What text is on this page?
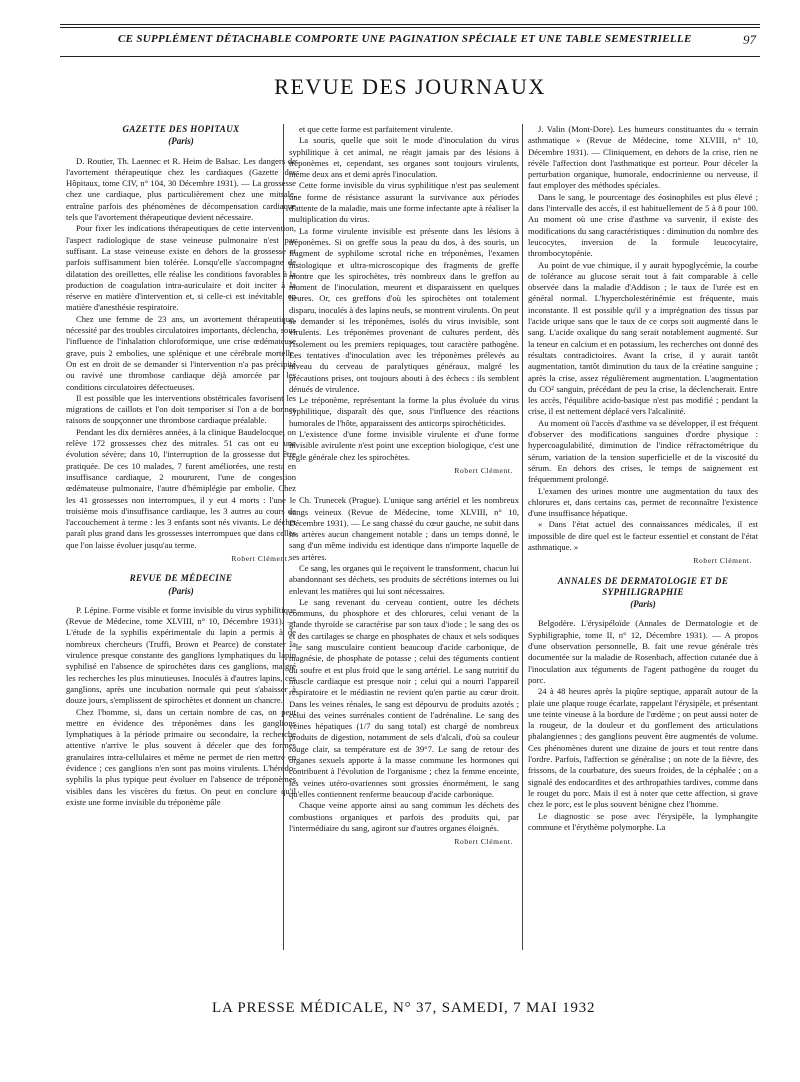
CE SUPPLÉMENT DÉTACHABLE COMPORTE UNE PAGINATION SPÉCIALE ET UNE TABLE SEMESTRIELLE	97
REVUE DES JOURNAUX

GAZETTE DES HOPITAUX

(Paris)

D. Routier, Th. Laennec et R. Heim de Balsac. Les dangers de l'avortement thérapeutique chez les cardiaques (Gazette des Hôpitaux, tome CIV, n° 104, 30 Décembre 1931). — La grossesse chez une cardiaque, plus particulièrement chez une mitrale, entraîne parfois des phénomènes de décompensation cardiaque tels que l'avortement thérapeutique devient nécessaire.

Pour fixer les indications thérapeutiques de cette intervention, l'aspect radiologique de stase veineuse pulmonaire n'est pas suffisant. La stase veineuse existe en dehors de la grossesse et parfois suffisamment bien tolérée. Lorsqu'elle s'accompagne de dilatation des oreillettes, elle réalise les conditions favorables à la production de coagulation intra-auriculaire et doit inciter à la réserve en matière d'intervention et, si celle-ci est inévitable, en matière d'anesthésie respiratoire.

Chez une femme de 23 ans, un avortement thérapeutique, nécessité par des troubles circulatoires importants, déclencha, sous l'influence de l'inhalation chloroformique, une crise œdémateuse grave, puis 2 embolies, une splénique et une cérébrale mortelle. On est en droit de se demander si l'intervention n'a pas précipité ou ravivé une thrombose cardiaque déjà amorcée par les conditions circulatoires défectueuses.

Il est possible que les interventions obstétricales favorisent les migrations de caillots et l'on doit temporiser si l'on a de bonnes raisons de soupçonner une thrombose cardiaque préalable.

Pendant les dix dernières années, à la clinique Baudelocque, on relève 172 grossesses chez des mitrales. 51 cas ont eu une évolution sévère; dans 10, l'interruption de la grossesse dut être pratiquée. De ces 10 malades, 7 furent améliorées, une resta en insuffisance cardiaque, 2 moururent, l'une de congestion œdémateuse pulmonaire, l'autre d'hémiplégie par embolie. Chez les 41 grossesses non interrompues, il y eut 4 morts : l'une le troisième mois d'insuffisance cardiaque, les 3 autres au cours de l'accouchement à terme : les 3 enfants sont nés vivants. Le déchet paraît plus grand dans les grossesses interrompues que dans celles que l'on laisse évoluer jusqu'au terme.

Robert Clément.

REVUE DE MÉDECINE

(Paris)

P. Lépine. Forme visible et forme invisible du virus syphilitique (Revue de Médecine, tome XLVIII, n° 10, Décembre 1931). — L'étude de la syphilis expérimentale du lapin a permis à de nombreux chercheurs (Truffi, Brown et Pearce) de constater la virulence presque constante des ganglions lymphatiques du lapin syphilisé en l'absence de spirochètes dans ces ganglions, malgré les recherches les plus minutieuses. Inoculés à d'autres lapins, ces ganglions, après une incubation normale qui peut s'abaisser à douze jours, s'emplissent de spirochètes et donnent un chancre.

Chez l'homme, si, dans un certain nombre de cas, on peut mettre en évidence des tréponèmes dans les ganglions lymphatiques à la période primaire ou secondaire, la recherche attentive n'arrive le plus souvent à déceler que des formes granulaires intra-cellulaires et même ne permet de rien mettre en évidence ; ces ganglions n'en sont pas moins virulents. L'hérédo-syphilis la plus typique peut évoluer en l'absence de tréponèmes visibles dans les viscères du fœtus. On peut en conclure qu'il existe une forme invisible du tréponème pâle

et que cette forme est parfaitement virulente.

La souris, quelle que soit le mode d'inoculation du virus syphilitique à cet animal, ne réagit jamais par des lésions à tréponèmes et, cependant, ses organes sont toujours virulents, même deux ans et demi après l'inoculation.

Cette forme invisible du virus syphilitique n'est pas seulement une forme de résistance assurant la survivance aux périodes d'attente de la maladie, mais une forme infectante apte à réaliser la multiplication du virus.

La forme virulente invisible est présente dans les lésions à tréponèmes. Si on greffe sous la peau du dos, à des souris, un fragment de syphilome scrotal riche en tréponèmes, l'examen histologique et ultra-microscopique des fragments de greffe montre que les spirochètes, très nombreux dans le greffon au moment de l'inoculation, meurent et disparaissent en quelques heures. Or, ces greffons d'où les spirochètes ont totalement disparu, inoculés à des lapins neufs, se montrent virulents. On peut se demander si les tréponèmes, isolés du virus invisible, sont virulents. Les tréponèmes provenant de cultures perdent, dès l'isolement ou les premiers repiquages, tout caractère pathogène. Les tentatives d'inoculation avec les tréponèmes prélevés au niveau du cerveau de paralytiques généraux, malgré les précautions prises, ont toujours abouti à des échecs : ils semblent dénués de virulence.

Le tréponème, représentant la forme la plus évoluée du virus syphilitique, disparaît dès que, sous l'influence des réactions humorales de l'hôte, apparaissent des anticorps spirochéticides.

L'existence d'une forme invisible virulente et d'une forme invisible avirulente n'est point une exception biologique, c'est une règle générale chez les spirochètes.

Robert Clément.

Ch. Trunecek (Prague). L'unique sang artériel et les nombreux sangs veineux (Revue de Médecine, tome XLVIII, n° 10, Décembre 1931). — Le sang chassé du cœur gauche, ne subit dans les artères aucun changement notable ; dans un temps donné, le sang d'un même individu est identique dans n'importe laquelle de ses artères.

Ce sang, les organes qui le reçoivent le transforment, chacun lui abandonnant ses déchets, ses produits de sécrétions internes ou lui enlevant les matières qui lui sont nécessaires.

Le sang revenant du cerveau contient, outre les déchets communs, du phosphore et des chlorures, celui venant de la glande thyroïde se caractérise par son taux d'iode ; le sang des os et des cartilages se charge en phosphates de chaux et sels sodiques ; le sang musculaire contient beaucoup d'acide carbonique, de magnésie, de phosphate de potasse ; celui des téguments contient du soufre et est plus froid que le sang artériel. Le sang nutritif du muscle cardiaque est presque noir ; celui qui a nourri l'appareil respiratoire et le médiastin ne revient qu'en partie au cœur droit. Dans les veines rénales, le sang est dépourvu de produits azotés ; celui des veines surrénales contient de l'adrénaline. Le sang des veines hépatiques (1/7 du sang total) est chargé de nombreux produits de digestion, notamment de sels d'alcali, d'où sa couleur rouge clair, sa température est de 39°7. Le sang de retour des organes sexuels apporte à la masse commune les hormones qui contribuent à l'évolution de l'organisme ; chez la femme enceinte, les veines utéro-ovariennes sont grossies énormément, le sang qu'elles contiennent renferme beaucoup d'acide carbonique.

Chaque veine apporte ainsi au sang commun les déchets des combustions organiques et parfois des produits qui, par l'intermédiaire du sang, agiront sur d'autres organes éloignés.

Robert Clément.

J. Valin (Mont-Dore). Les humeurs constituantes du « terrain asthmatique » (Revue de Médecine, tome XLVIII, n° 10, Décembre 1931). — Cliniquement, en dehors de la crise, rien ne révèle l'affection dont l'asthmatique est porteur. Pour déceler la perturbation organique, humorale, endocrinienne ou nerveuse, il faut employer des méthodes spéciales.

Dans le sang, le pourcentage des éosinophiles est plus élevé ; dans l'intervalle des accès, il est habituellement de 5 à 8 pour 100. Au moment où une crise d'asthme va survenir, il existe des modifications du sang caractéristiques : diminution du nombre des leucocytes, inversion de la formule leucocytaire, thrombocytopénie.

Au point de vue chimique, il y aurait hypoglycémie, la courbe de tolérance au glucose serait tout à fait comparable à celle observée dans la maladie d'Addison ; le taux de l'urée est en général normal. L'hypercholestérinémie est fréquente, mais inconstante. Il est possible qu'il y a imprégnation des tissus par l'acide urique sans que le taux de ce corps soit augmenté dans le sang. L'acide oxalique du sang serait notablement augmenté. Sur la teneur en calcium et en potassium, les recherches ont donné des résultats contradictoires. Avant la crise, il y aurait tantôt augmentation, tantôt diminution du taux de la créatine sanguine ; après la crise, assez régulièrement augmentation. L'augmentation du CO² sanguin, précédant de peu la crise, la déclencherait. Entre les accès, l'équilibre acido-basique n'est pas modifié ; pendant la crise, il est nettement déplacé vers l'alcalinité.

Au moment où l'accès d'asthme va se développer, il est fréquent d'observer des modifications sanguines d'ordre physique : hypercoagulabilité, diminution de l'indice réfractométrique du sérum, variation de la tension superficielle et de la viscosité du sérum. En dehors des crises, le temps de saignement est fréquemment prolongé.

L'examen des urines montre une augmentation du taux des chlorures et, dans certains cas, permet de reconnaître l'existence d'une insuffisance hépatique.

« Dans l'état actuel des connaissances médicales, il est impossible de dire quel est le facteur essentiel et constant de l'état asthmatique. »

Robert Clément.

ANNALES DE DERMATOLOGIE ET DE SYPHILIGRAPHIE

(Paris)

Belgodère. L'érysipéloïde (Annales de Dermatologie et de Syphiligraphie, tome II, n° 12, Décembre 1931). — A propos d'une observation personnelle, B. fait une revue générale très documentée sur la maladie de Rosenbach, affection cutanée due à l'inoculation aux téguments de l'agent pathogène du rouget du porc.

24 à 48 heures après la piqûre septique, apparaît autour de la plaie une plaque rouge écarlate, rappelant l'érysipèle, et présentant une teinte vineuse à la bordure de l'œdème ; on peut aussi noter de la rougeur, de la douleur et du gonflement des articulations phalangiennes ; des ganglions peuvent être augmentés de volume. Ces phénomènes durent une dizaine de jours et tout rentre dans l'ordre. Parfois, l'affection se généralise ; on note de la fièvre, des frissons, de la courbature, des sueurs froides, de la céphalée ; on a signalé des endocardites et des arthropathies tardives, comme dans le rouget du porc. Mais il est à noter que cette affection, si grave chez le porc, est le plus souvent bénigne chez l'homme.

Le diagnostic se pose avec l'érysipèle, la lymphangite commune et l'érythème polymorphe. La

LA PRESSE MÉDICALE, N° 37, SAMEDI, 7 MAI 1932
